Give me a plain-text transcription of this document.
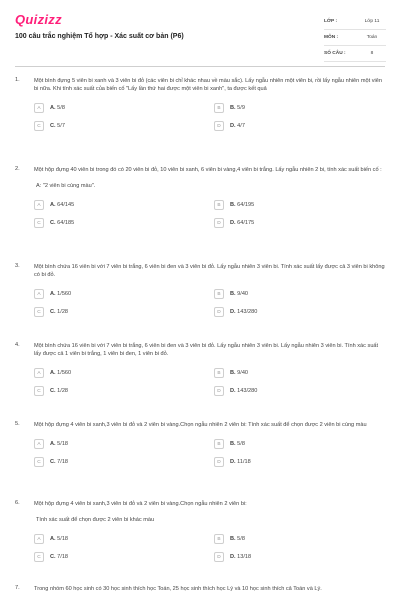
Quizizz
100 câu trắc nghiệm Tổ hợp - Xác suất cơ bản (P6)
LỚP :	Lớp 11
MÔN :	Toán
SỐ CÂU :	8
1.	Một bình đựng 5 viên bi xanh và 3 viên bi đỏ (các viên bi chỉ khác nhau về màu sắc). Lấy ngẫu nhiên một viên bi, rồi lấy ngẫu nhiên một viên bi nữa. Khi tính xác suất của biến cố "Lấy lần thứ hai được một viên bi xanh", ta được kết quả
A	A. 5/8	B	B. 5/9
C	C. 5/7	D	D. 4/7
2.	Một hộp đựng 40 viên bi trong đó có 20 viên bi đỏ, 10 viên bi xanh, 6 viên bi vàng,4 viên bi trắng. Lấy ngẫu nhiên 2 bi, tính xác suất biến cố :
A: "2 viên bi cùng màu".
A	A. 64/145	B	B. 64/195
C	C. 64/185	D	D. 64/175
3.	Một bình chứa 16 viên bi với 7 viên bi trắng, 6 viên bi đen và 3 viên bi đỏ. Lấy ngẫu nhiên 3 viên bi. Tính xác suất lấy được cả 3 viên bi không có bi đỏ.
A	A. 1/560	B	B. 9/40
C	C. 1/28	D	D. 143/280
4.	Một bình chứa 16 viên bi với 7 viên bi trắng, 6 viên bi đen và 3 viên bi đỏ. Lấy ngẫu nhiên 3 viên bi. Lấy ngẫu nhiên 3 viên bi. Tính xác suất lấy được cả 1 viên bi trắng, 1 viên bi đen, 1 viên bi đỏ.
A	A. 1/560	B	B. 9/40
C	C. 1/28	D	D. 143/280
5.	Một hộp đựng 4 viên bi xanh,3 viên bi đỏ và 2 viên bi vàng.Chọn ngẫu nhiên 2 viên bi: Tính xác suất để chọn được 2 viên bi cùng màu
A	A. 5/18	B	B. 5/8
C	C. 7/18	D	D. 11/18
6.	Một hộp đựng 4 viên bi xanh,3 viên bi đỏ và 2 viên bi vàng.Chọn ngẫu nhiên 2 viên bi:
Tính xác suất để chọn được 2 viên bi khác màu
A	A. 5/18	B	B. 5/8
C	C. 7/18	D	D. 13/18
7.	Trong nhóm 60 học sinh có 30 học sinh thích học Toán, 25 học sinh thích học Lý và 10 học sinh thích cả Toán và Lý.
